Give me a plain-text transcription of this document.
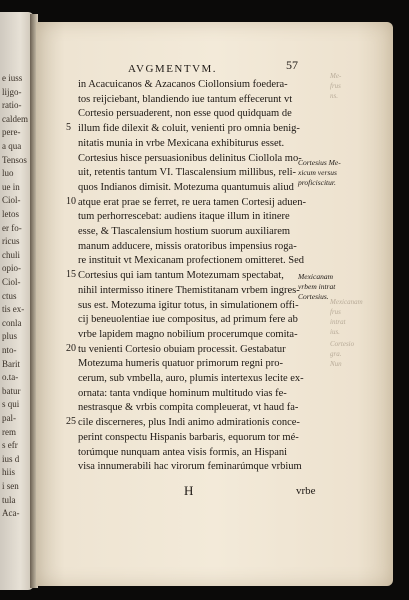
e iuss
lijgo-
ratio-
caldem
pere-
a qua
Tensos
luo
ue in
Ciol-
letos
er fo-
ricus
chuli
opio-
Ciol-
ctus
tis ex-
conla
plus
nto-
Barit
o.ta-
batur
s qui
pal-
rem
s efr
ius d
hiis
i sen
tula
Aca-
AVGMENTVM.	57
in Acacuicanos & Azacanos Ciollonsium foedera-
tos reijciebant, blandiendo iue tantum effecerunt vt
Cortesio persuaderent, non esse quod quidquam de
illum fide dilexit & coluit, venienti pro omnia benig-
5
nitatis munia in vrbe Mexicana exhibiturus esset.
Cortesius hisce persuasionibus delinitus Ciollola mo-
uit, retentis tantum VI. Tlascalensium millibus, reli-
quos Indianos dimisit. Motezuma quantumuis aliud
atque erat prae se ferret, re uera tamen Cortesij aduen-
10
tum perhorrescebat: audiens itaque illum in itinere
esse, & Tlascalensium hostium suorum auxiliarem
manum adducere, missis oratoribus impensius roga-
re instituit vt Mexicanam profectionem omitteret. Sed
Cortesius qui iam tantum Motezumam spectabat,
15
nihil intermisso itinere Themistitanam vrbem ingres-
sus est. Motezuma igitur totus, in simulationem offi-
cij beneuolentiae iue compositus, ad primum fere ab
vrbe lapidem magno nobilium procerumque comita-
tu venienti Cortesio obuiam processit. Gestabatur
20
Motezuma humeris quatuor primorum regni pro-
cerum, sub vmbella, auro, plumis intertexus lecite ex-
ornata: tanta vndique hominum multitudo vias fe-
nestrasque & vrbis compita compleuerat, vt haud fa-
cile discerneres, plus Indi animo admirationis conce-
25
perint conspectu Hispanis barbaris, equorum tor mé-
torúmque nunquam antea visis formis, an Hispani
visa innumerabili hac virorum feminarúmque vrbium
Cortesius Me-
xicum versus
proficiscitur.
Mexicanam
vrbem intrat
Cortesius.
Me-
frus
ns.
Mexicanam
frus
intrat
ius.
Cortesio
gra.
Nun
H	vrbe
